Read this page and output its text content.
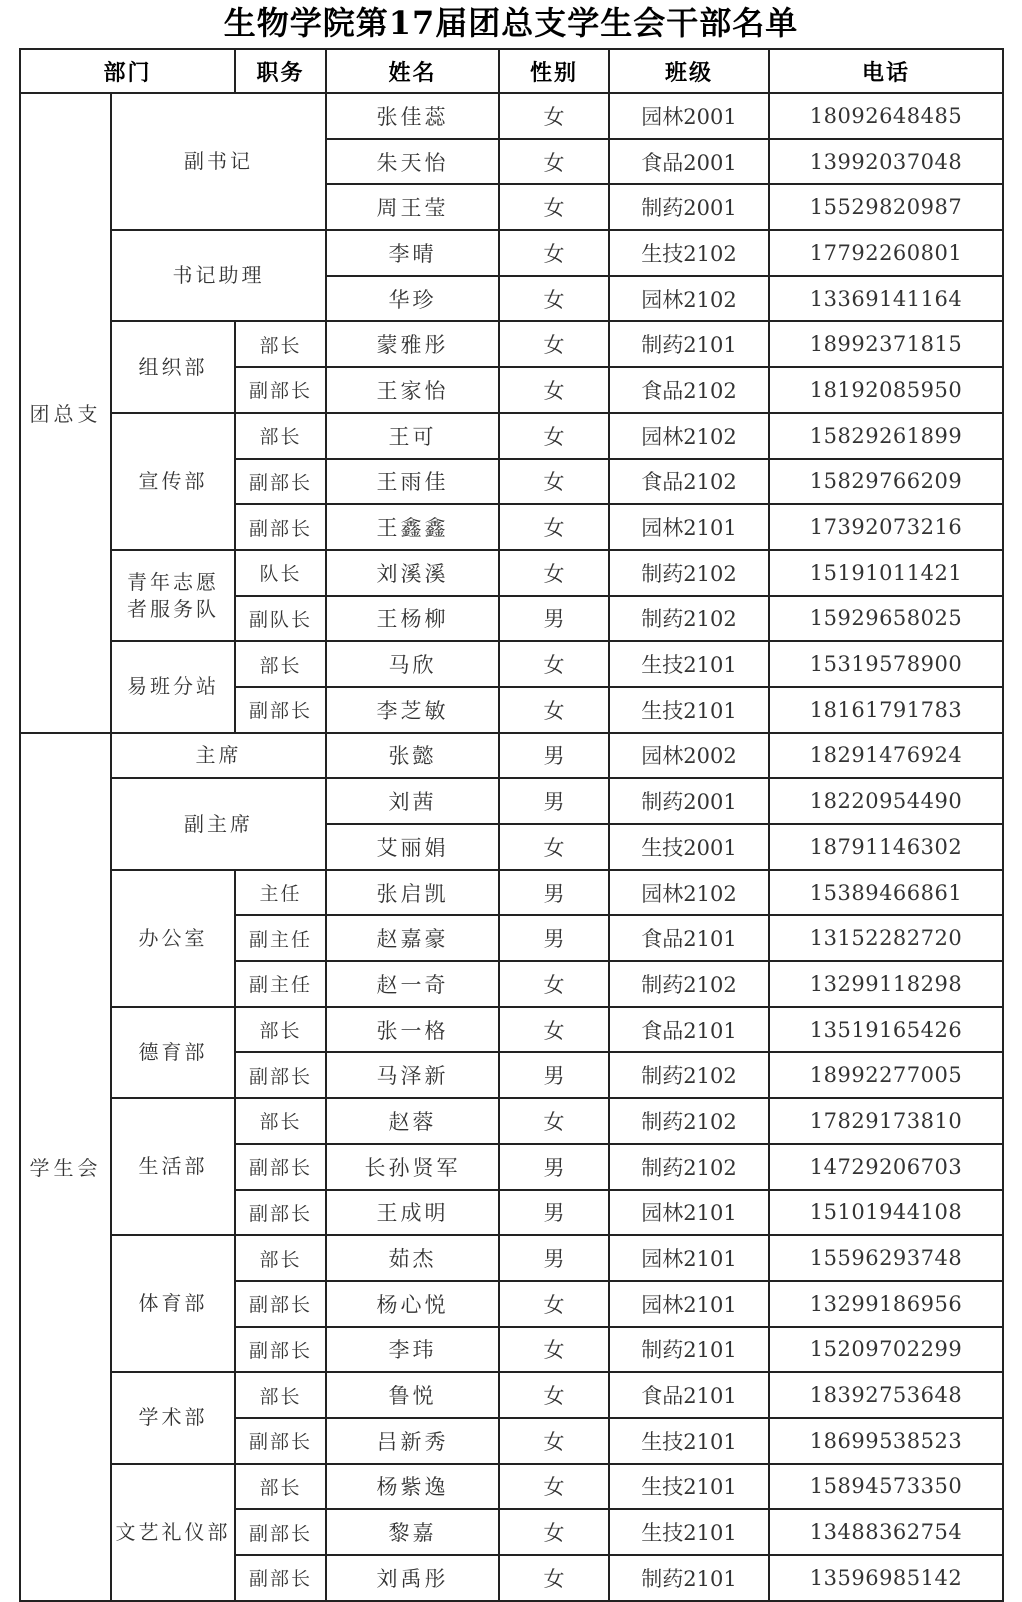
生物学院第17届团总支学生会干部名单
部门		职务	姓名	性别	班级	电话
团总支	副书记		张佳蕊	女	园林2001	18092648485
			朱天怡	女	食品2001	13992037048
			周王莹	女	制药2001	15529820987
	书记助理		李晴	女	生技2102	17792260801
			华珍	女	园林2102	13369141164
	组织部	部长	蒙雅彤	女	制药2101	18992371815
		副部长	王家怡	女	食品2102	18192085950
	宣传部	部长	王可	女	园林2102	15829261899
		副部长	王雨佳	女	食品2102	15829766209
		副部长	王鑫鑫	女	园林2101	17392073216
	青年志愿者服务队	队长	刘溪溪	女	制药2102	15191011421
		副队长	王杨柳	男	制药2102	15929658025
	易班分站	部长	马欣	女	生技2101	15319578900
		副部长	李芝敏	女	生技2101	18161791783
学生会	主席		张懿	男	园林2002	18291476924
	副主席		刘茜	男	制药2001	18220954490
			艾丽娟	女	生技2001	18791146302
	办公室	主任	张启凯	男	园林2102	15389466861
		副主任	赵嘉豪	男	食品2101	13152282720
		副主任	赵一奇	女	制药2102	13299118298
	德育部	部长	张一格	女	食品2101	13519165426
		副部长	马泽新	男	制药2102	18992277005
	生活部	部长	赵蓉	女	制药2102	17829173810
		副部长	长孙贤军	男	制药2102	14729206703
		副部长	王成明	男	园林2101	15101944108
	体育部	部长	茹杰	男	园林2101	15596293748
		副部长	杨心悦	女	园林2101	13299186956
		副部长	李玮	女	制药2101	15209702299
	学术部	部长	鲁悦	女	食品2101	18392753648
		副部长	吕新秀	女	生技2101	18699538523
	文艺礼仪部	部长	杨紫逸	女	生技2101	15894573350
		副部长	黎嘉	女	生技2101	13488362754
		副部长	刘禹彤	女	制药2101	13596985142
